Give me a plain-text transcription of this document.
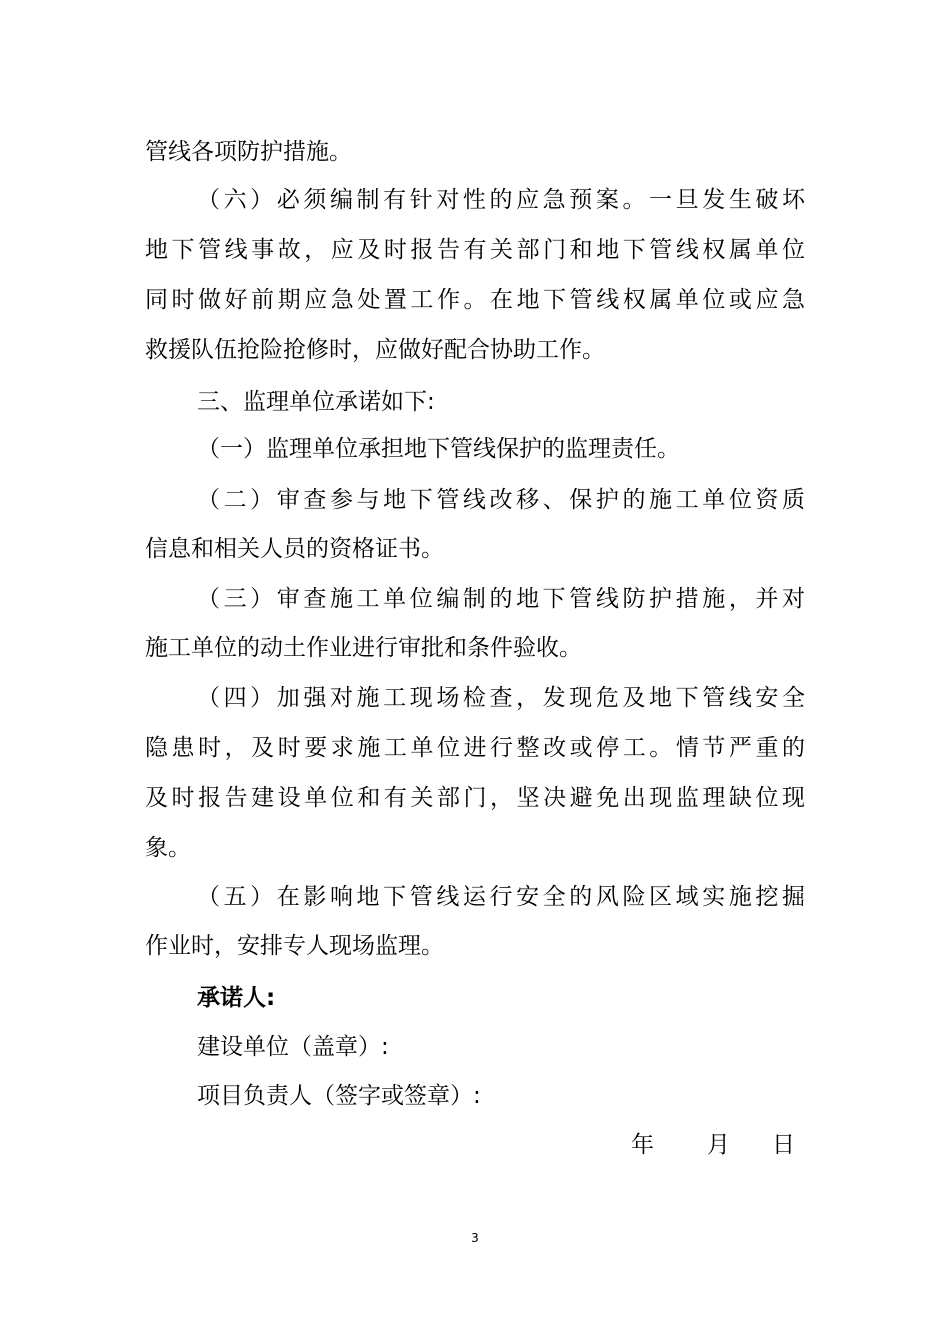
管线各项防护措施。
（六）必须编制有针对性的应急预案。一旦发生破坏
地下管线事故，应及时报告有关部门和地下管线权属单位
同时做好前期应急处置工作。在地下管线权属单位或应急
救援队伍抢险抢修时，应做好配合协助工作。
三、监理单位承诺如下:
（一）监理单位承担地下管线保护的监理责任。
（二）审查参与地下管线改移、保护的施工单位资质
信息和相关人员的资格证书。
（三）审查施工单位编制的地下管线防护措施，并对
施工单位的动土作业进行审批和条件验收。
（四）加强对施工现场检查，发现危及地下管线安全
隐患时，及时要求施工单位进行整改或停工。情节严重的
及时报告建设单位和有关部门，坚决避免出现监理缺位现
象。
（五）在影响地下管线运行安全的风险区域实施挖掘
作业时，安排专人现场监理。
承诺人:
建设单位（盖章）:
项目负责人（签字或签章）:
年 月 日
3
